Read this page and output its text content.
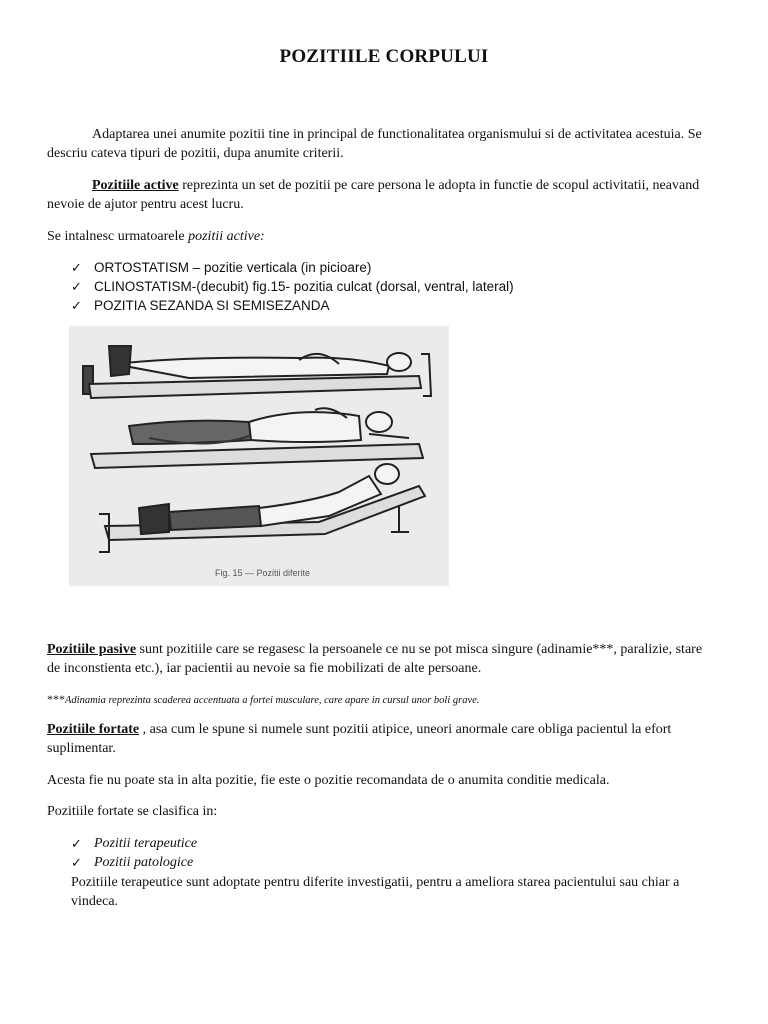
POZITIILE CORPULUI

Adaptarea unei anumite pozitii tine in principal de functionalitatea organismului si de activitatea acestuia. Se descriu cateva tipuri de pozitii, dupa anumite criterii.

Pozitiile active reprezinta un set de pozitii pe care persona le adopta in functie de scopul activitatii, neavand nevoie de ajutor pentru acest lucru.

Se intalnesc urmatoarele pozitii active:

✓ ORTOSTATISM – pozitie verticala (in picioare)
✓ CLINOSTATISM-(decubit) fig.15- pozitia culcat (dorsal, ventral, lateral)
✓ POZITIA SEZANDA SI SEMISEZANDA
Fig. 15 — Pozitii diferite

Pozitiile pasive sunt pozitiile care se regasesc la persoanele ce nu se pot misca singure (adinamie***, paralizie, stare de inconstienta etc.), iar pacientii au nevoie sa fie mobilizati de alte persoane.

***Adinamia reprezinta scaderea accentuata a fortei musculare, care apare in cursul unor boli grave.

Pozitiile fortate , asa cum le spune si numele sunt pozitii atipice, uneori anormale care obliga pacientul la efort suplimentar.

Acesta fie nu poate sta in alta pozitie, fie este o pozitie recomandata de o anumita conditie medicala.

Pozitiile fortate se clasifica in:

✓ Pozitii terapeutice
✓ Pozitii patologice

Pozitiile terapeutice sunt adoptate pentru diferite investigatii, pentru a ameliora starea pacientului sau chiar a vindeca.
